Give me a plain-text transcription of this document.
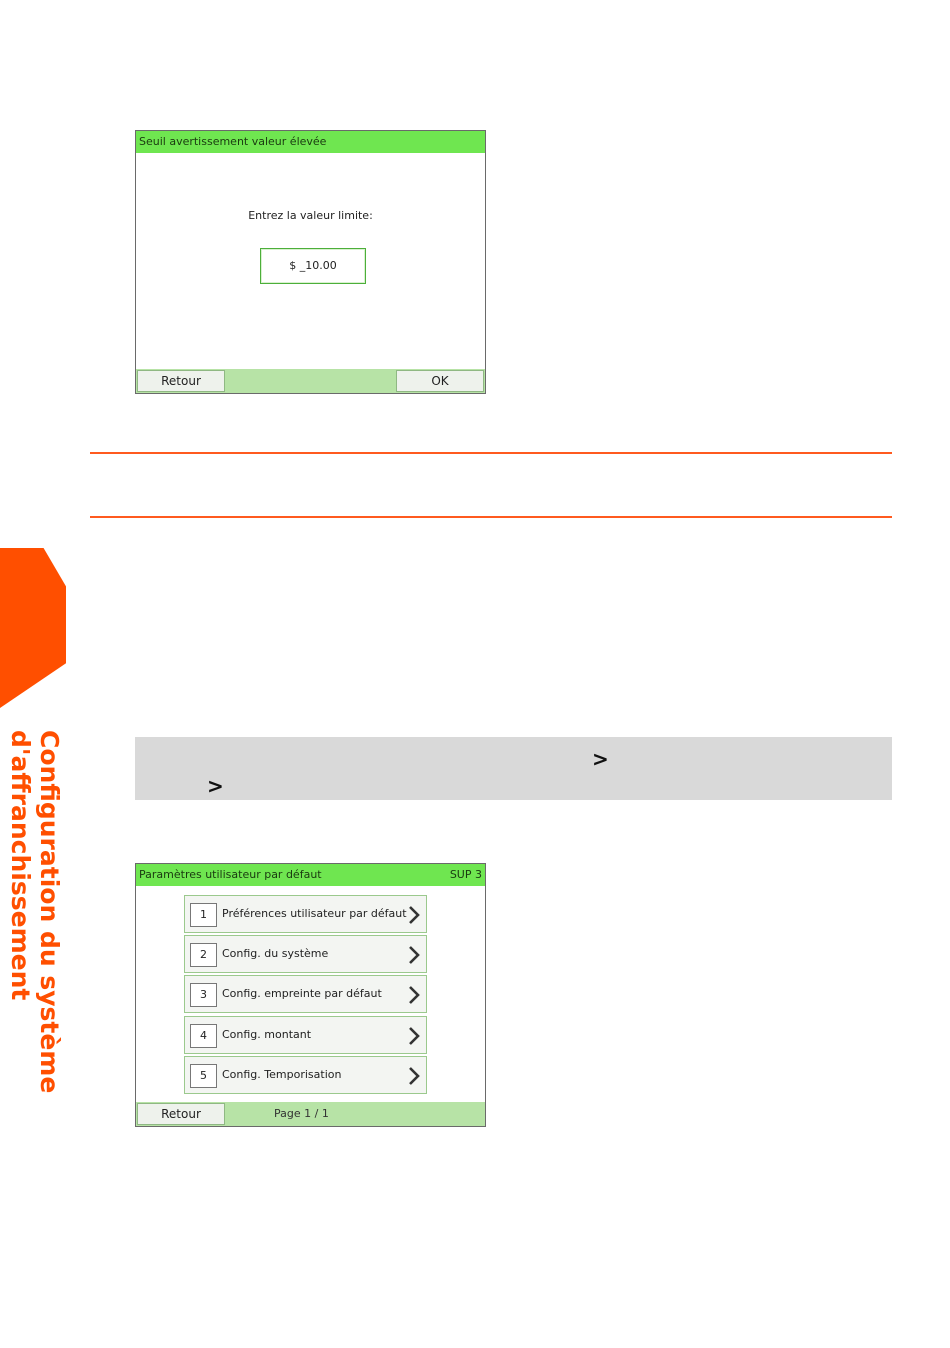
Configuration du système
d'affranchissement
Seuil avertissement valeur élevée
Entrez la valeur limite:
$ _10.00
Retour	OK
>
>
Paramètres utilisateur par défaut	SUP 3
1	Préférences utilisateur par défaut
2	Config. du système
3	Config. empreinte par défaut
4	Config. montant
5	Config. Temporisation
Retour	Page 1 / 1
